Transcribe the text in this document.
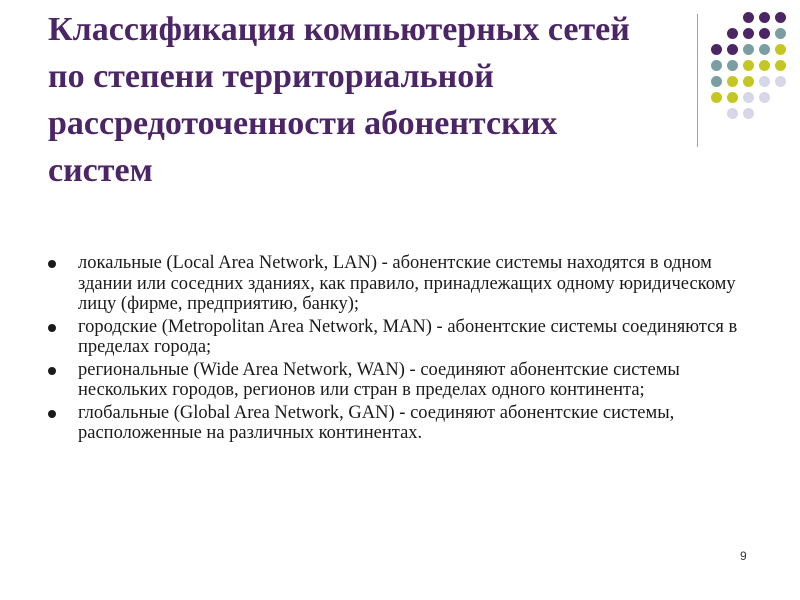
Классификация компьютерных сетей по степени территориальной рассредоточенности абонентских систем
локальные (Local Area Network, LAN) - абонентские системы находятся в одном здании или соседних зданиях, как правило, принадлежащих одному юридическому лицу (фирме, предприятию, банку);
городские (Metropolitan Area Network, MAN) - абонентские системы соединяются в пределах города;
региональные (Wide Area Network, WAN) - соединяют абонентские системы нескольких городов, регионов или стран в пределах одного континента;
глобальные (Global Area Network, GAN) - соединяют абонентские системы, расположенные на различных континентах.
9
